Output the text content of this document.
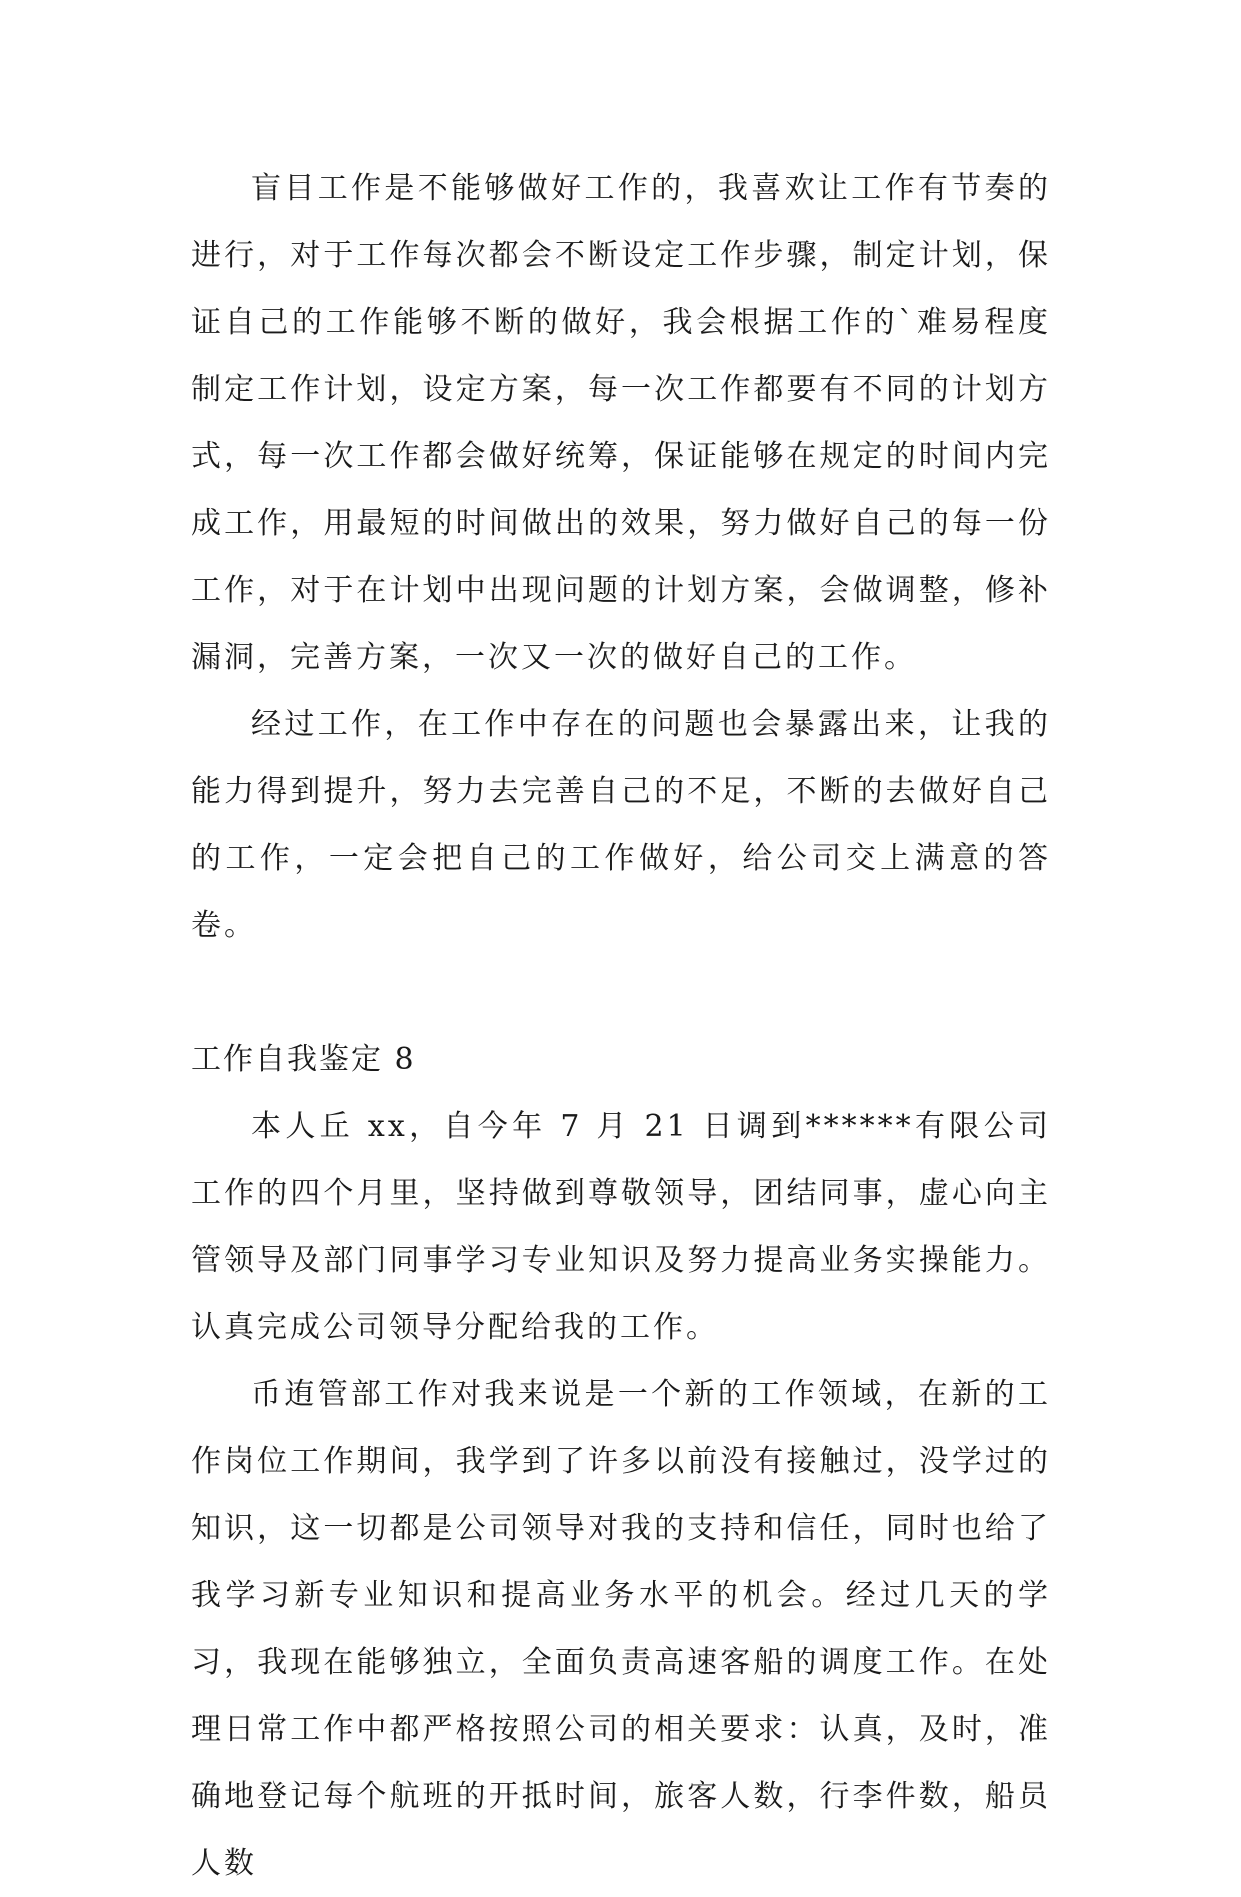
盲目工作是不能够做好工作的，我喜欢让工作有节奏的进行，对于工作每次都会不断设定工作步骤，制定计划，保证自己的工作能够不断的做好，我会根据工作的`难易程度制定工作计划，设定方案，每一次工作都要有不同的计划方式，每一次工作都会做好统筹，保证能够在规定的时间内完成工作，用最短的时间做出的效果，努力做好自己的每一份工作，对于在计划中出现问题的计划方案，会做调整，修补漏洞，完善方案，一次又一次的做好自己的工作。

经过工作，在工作中存在的问题也会暴露出来，让我的能力得到提升，努力去完善自己的不足，不断的去做好自己的工作，一定会把自己的工作做好，给公司交上满意的答卷。

工作自我鉴定 8

本人丘 xx，自今年 7 月 21 日调到******有限公司工作的四个月里，坚持做到尊敬领导，团结同事，虚心向主管领导及部门同事学习专业知识及努力提高业务实操能力。认真完成公司领导分配给我的工作。

币迶管部工作对我来说是一个新的工作领域，在新的工作岗位工作期间，我学到了许多以前没有接触过，没学过的知识，这一切都是公司领导对我的支持和信任，同时也给了我学习新专业知识和提高业务水平的机会。经过几天的学习，我现在能够独立，全面负责高速客船的调度工作。在处理日常工作中都严格按照公司的相关要求：认真，及时，准确地登记每个航班的开抵时间，旅客人数，行李件数，船员人数
